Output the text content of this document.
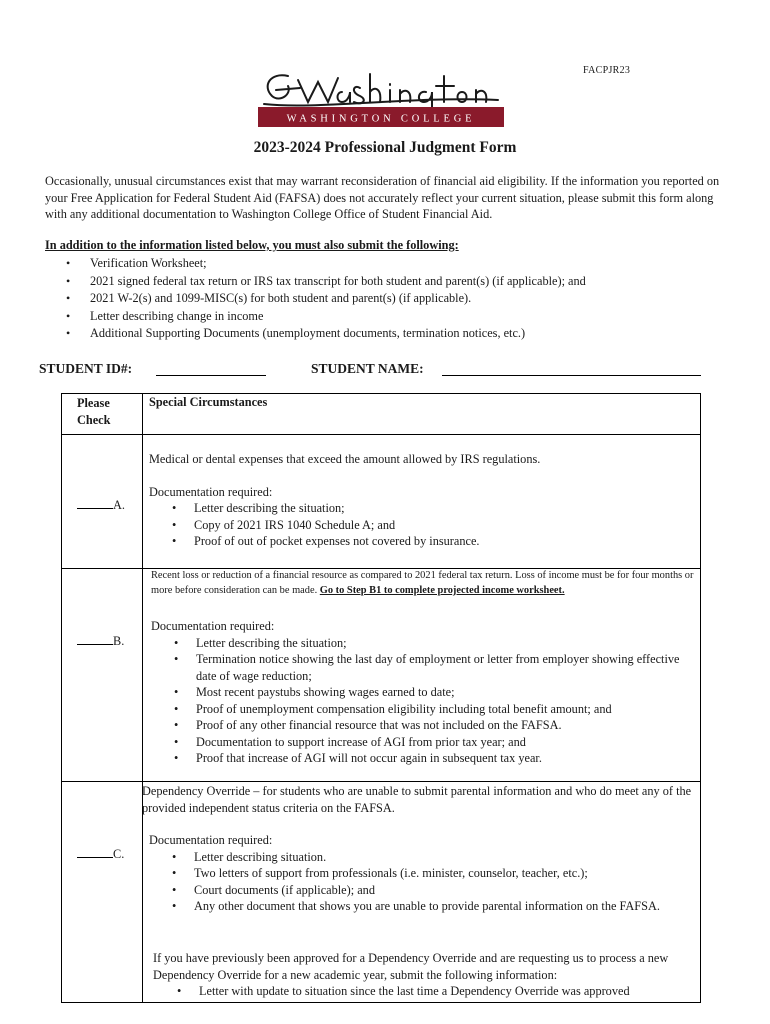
FACPJR23
WASHINGTON COLLEGE
2023-2024 Professional Judgment Form
Occasionally, unusual circumstances exist that may warrant reconsideration of financial aid eligibility. If the information you reported on your Free Application for Federal Student Aid (FAFSA) does not accurately reflect your current situation, please submit this form along with any additional documentation to Washington College Office of Student Financial Aid.
In addition to the information listed below, you must also submit the following:
• Verification Worksheet;
• 2021 signed federal tax return or IRS tax transcript for both student and parent(s) (if applicable); and
• 2021 W-2(s) and 1099-MISC(s) for both student and parent(s) (if applicable).
• Letter describing change in income
• Additional Supporting Documents (unemployment documents, termination notices, etc.)
STUDENT ID#:	STUDENT NAME:
Please
Check
Special Circumstances
A.

Medical or dental expenses that exceed the amount allowed by IRS regulations.

Documentation required:

• Letter describing the situation;
• Copy of 2021 IRS 1040 Schedule A; and
• Proof of out of pocket expenses not covered by insurance.
B.

Recent loss or reduction of a financial resource as compared to 2021 federal tax return. Loss of income must be for four months or more before consideration can be made. Go to Step B1 to complete projected income worksheet.

Documentation required:

• Letter describing the situation;
• Termination notice showing the last day of employment or letter from employer showing effective date of wage reduction;
• Most recent paystubs showing wages earned to date;
• Proof of unemployment compensation eligibility including total benefit amount; and
• Proof of any other financial resource that was not included on the FAFSA.
• Documentation to support increase of AGI from prior tax year; and
• Proof that increase of AGI will not occur again in subsequent tax year.
C.

Dependency Override – for students who are unable to submit parental information and who do meet any of the provided independent status criteria on the FAFSA.

Documentation required:

• Letter describing situation.
• Two letters of support from professionals (i.e. minister, counselor, teacher, etc.);
• Court documents (if applicable); and
• Any other document that shows you are unable to provide parental information on the FAFSA.

If you have previously been approved for a Dependency Override and are requesting us to process a new Dependency Override for a new academic year, submit the following information:

• Letter with update to situation since the last time a Dependency Override was approved
